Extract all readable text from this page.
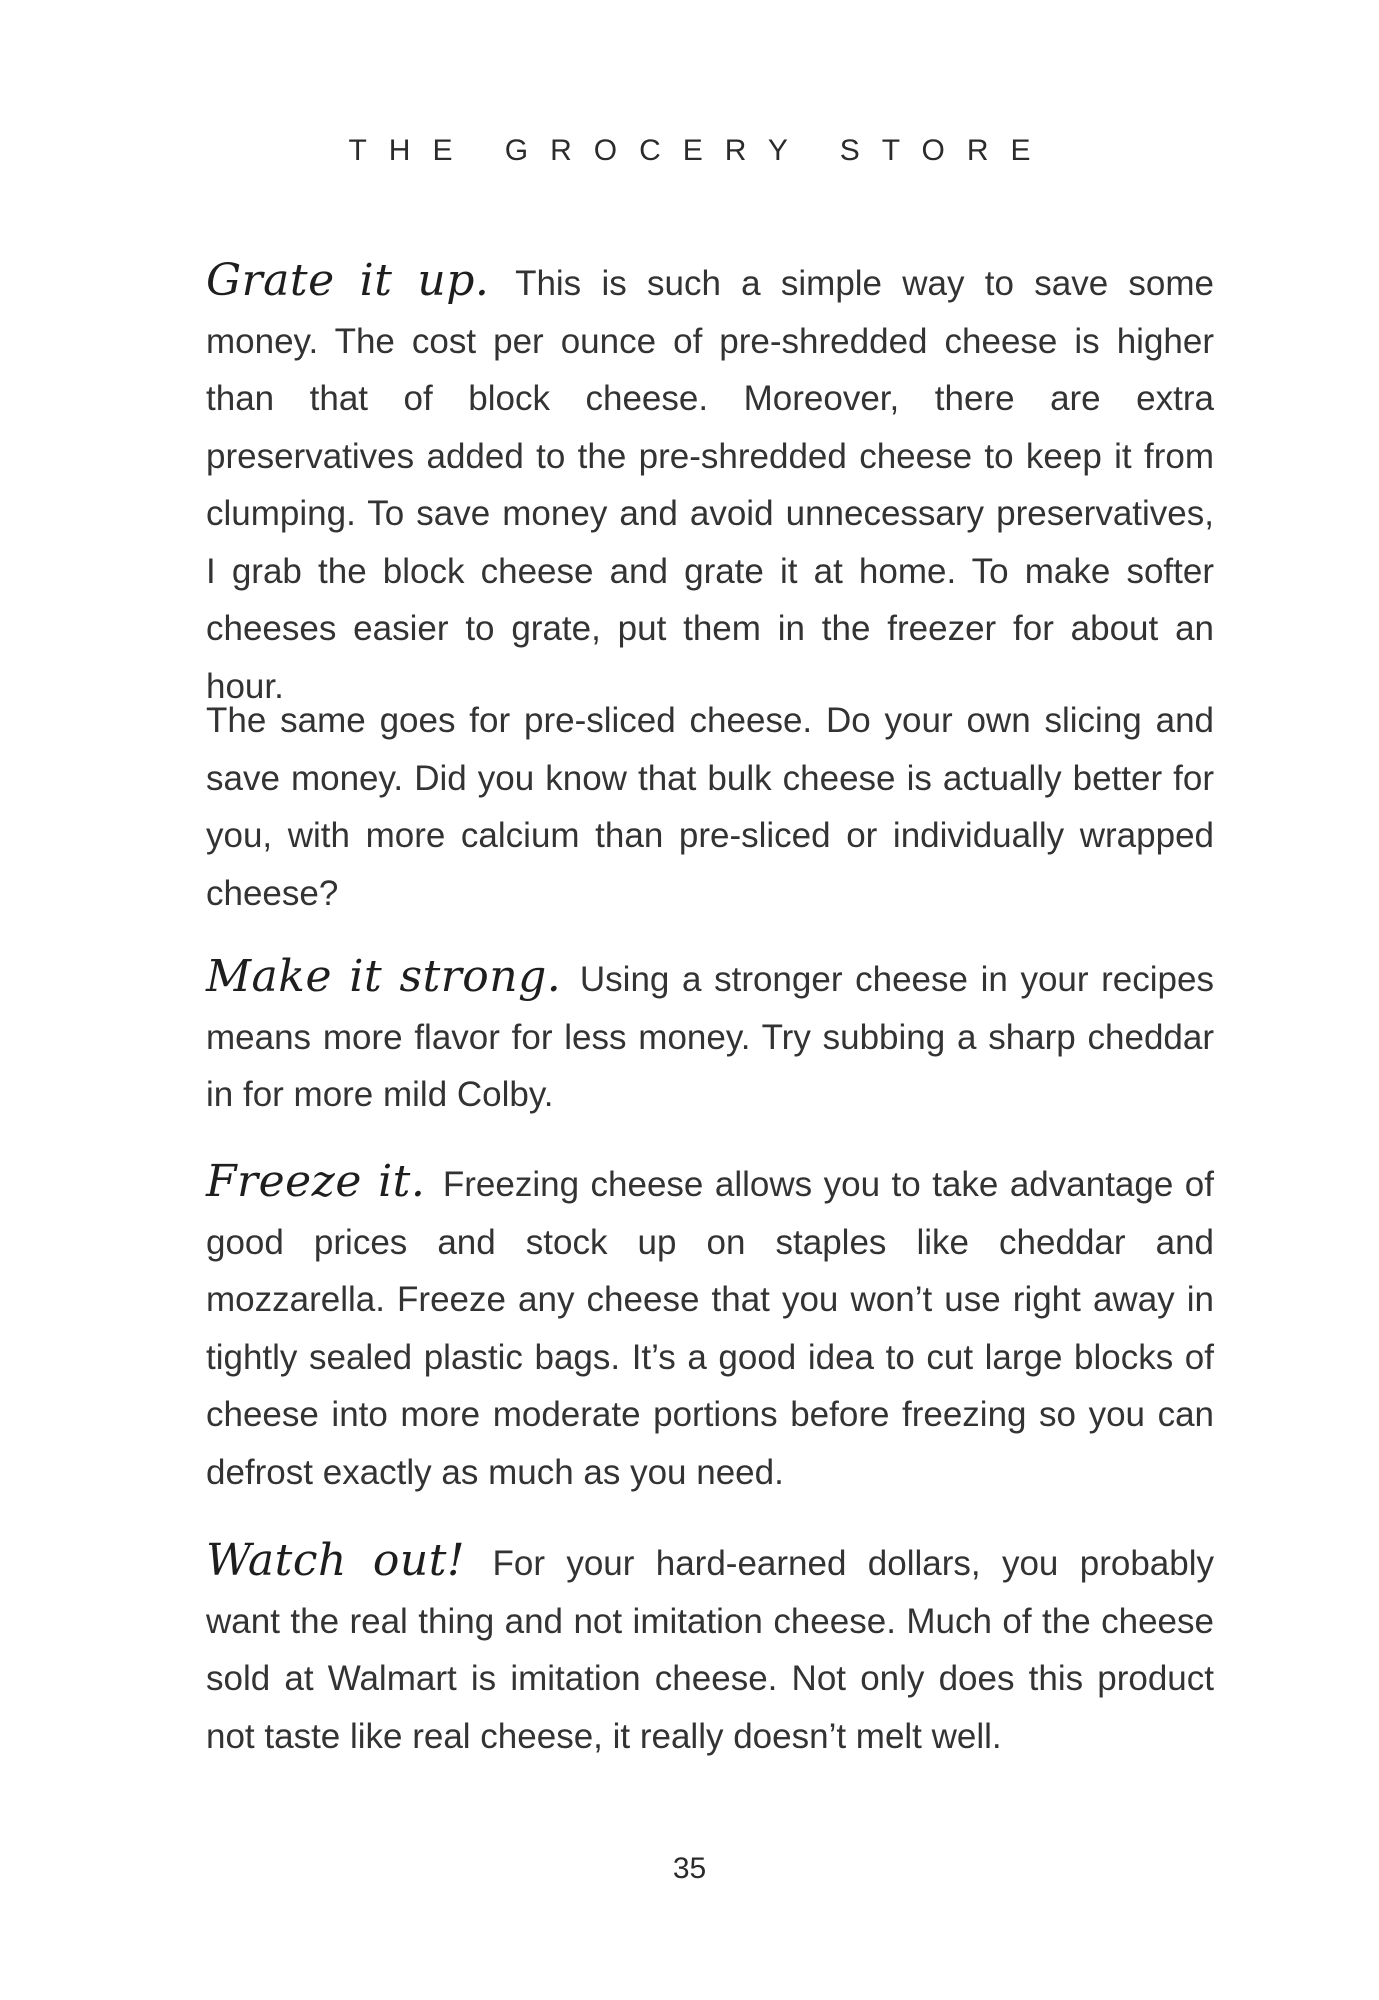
THE GROCERY STORE

Grate it up. This is such a simple way to save some money. The cost per ounce of pre-shredded cheese is higher than that of block cheese. Moreover, there are extra preservatives added to the pre-shredded cheese to keep it from clumping. To save money and avoid unnecessary preservatives, I grab the block cheese and grate it at home. To make softer cheeses easier to grate, put them in the freezer for about an hour.

The same goes for pre-sliced cheese. Do your own slicing and save money. Did you know that bulk cheese is actually better for you, with more calcium than pre-sliced or individually wrapped cheese?

Make it strong. Using a stronger cheese in your recipes means more flavor for less money. Try subbing a sharp cheddar in for more mild Colby.

Freeze it. Freezing cheese allows you to take advantage of good prices and stock up on staples like cheddar and mozzarella. Freeze any cheese that you won’t use right away in tightly sealed plastic bags. It’s a good idea to cut large blocks of cheese into more moderate portions before freezing so you can defrost exactly as much as you need.

Watch out! For your hard-earned dollars, you probably want the real thing and not imitation cheese. Much of the cheese sold at Walmart is imitation cheese. Not only does this product not taste like real cheese, it really doesn’t melt well.

35
